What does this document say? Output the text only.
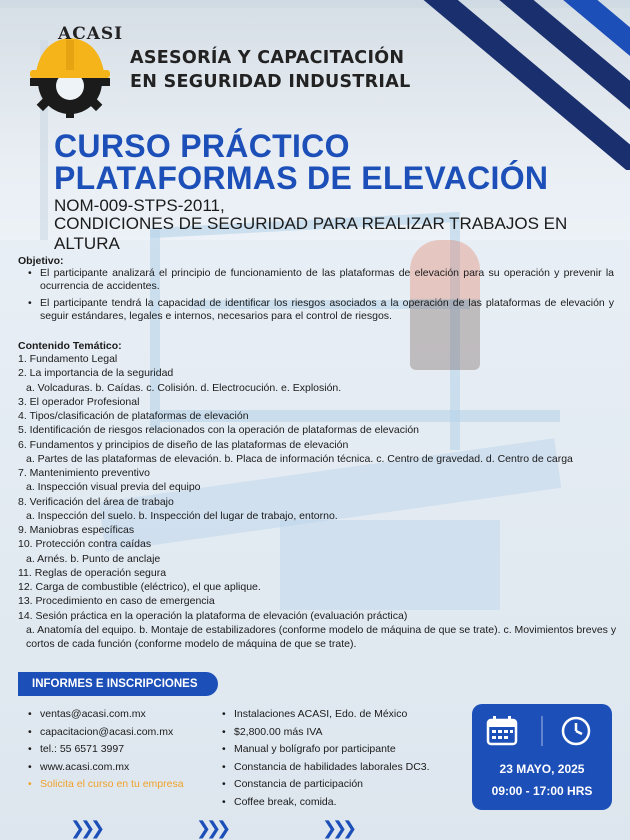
ACASI
ASESORÍA Y CAPACITACIÓN
EN SEGURIDAD INDUSTRIAL
CURSO PRÁCTICO
PLATAFORMAS DE ELEVACIÓN
NOM-009-STPS-2011,
CONDICIONES DE SEGURIDAD PARA REALIZAR TRABAJOS EN ALTURA
Objetivo:
• El participante analizará el principio de funcionamiento de las plataformas de elevación para su operación y prevenir la ocurrencia de accidentes.
• El participante tendrá la capacidad de identificar los riesgos asociados a la operación de las plataformas de elevación y seguir estándares, legales e internos, necesarios para el control de riesgos.
Contenido Temático:
1. Fundamento Legal
2. La importancia de la seguridad
a. Volcaduras. b. Caídas. c. Colisión. d. Electrocución. e. Explosión.
3. El operador Profesional
4. Tipos/clasificación de plataformas de elevación
5. Identificación de riesgos relacionados con la operación de plataformas de elevación
6. Fundamentos y principios de diseño de las plataformas de elevación
a. Partes de las plataformas de elevación. b. Placa de información técnica. c. Centro de gravedad. d. Centro de carga
7. Mantenimiento preventivo
a. Inspección visual previa del equipo
8. Verificación del área de trabajo
a. Inspección del suelo. b. Inspección del lugar de trabajo, entorno.
9. Maniobras específicas
10. Protección contra caídas
a. Arnés. b. Punto de anclaje
11. Reglas de operación segura
12. Carga de combustible (eléctrico), el que aplique.
13. Procedimiento en caso de emergencia
14. Sesión práctica en la operación la plataforma de elevación (evaluación práctica)
a. Anatomía del equipo. b. Montaje de estabilizadores (conforme modelo de máquina de que se trate). c. Movimientos breves y cortos de cada función (conforme modelo de máquina de que se trate).
INFORMES E INSCRIPCIONES
• ventas@acasi.com.mx
• capacitacion@acasi.com.mx
• tel.: 55 6571 3997
• www.acasi.com.mx
• Solicita el curso en tu empresa
• Instalaciones ACASI, Edo. de México
• $2,800.00 más IVA
• Manual y bolígrafo por participante
• Constancia de habilidades laborales DC3.
• Constancia de participación
• Coffee break, comida.
23 MAYO, 2025
09:00 - 17:00 HRS
❯❯❯	❯❯❯	❯❯❯
